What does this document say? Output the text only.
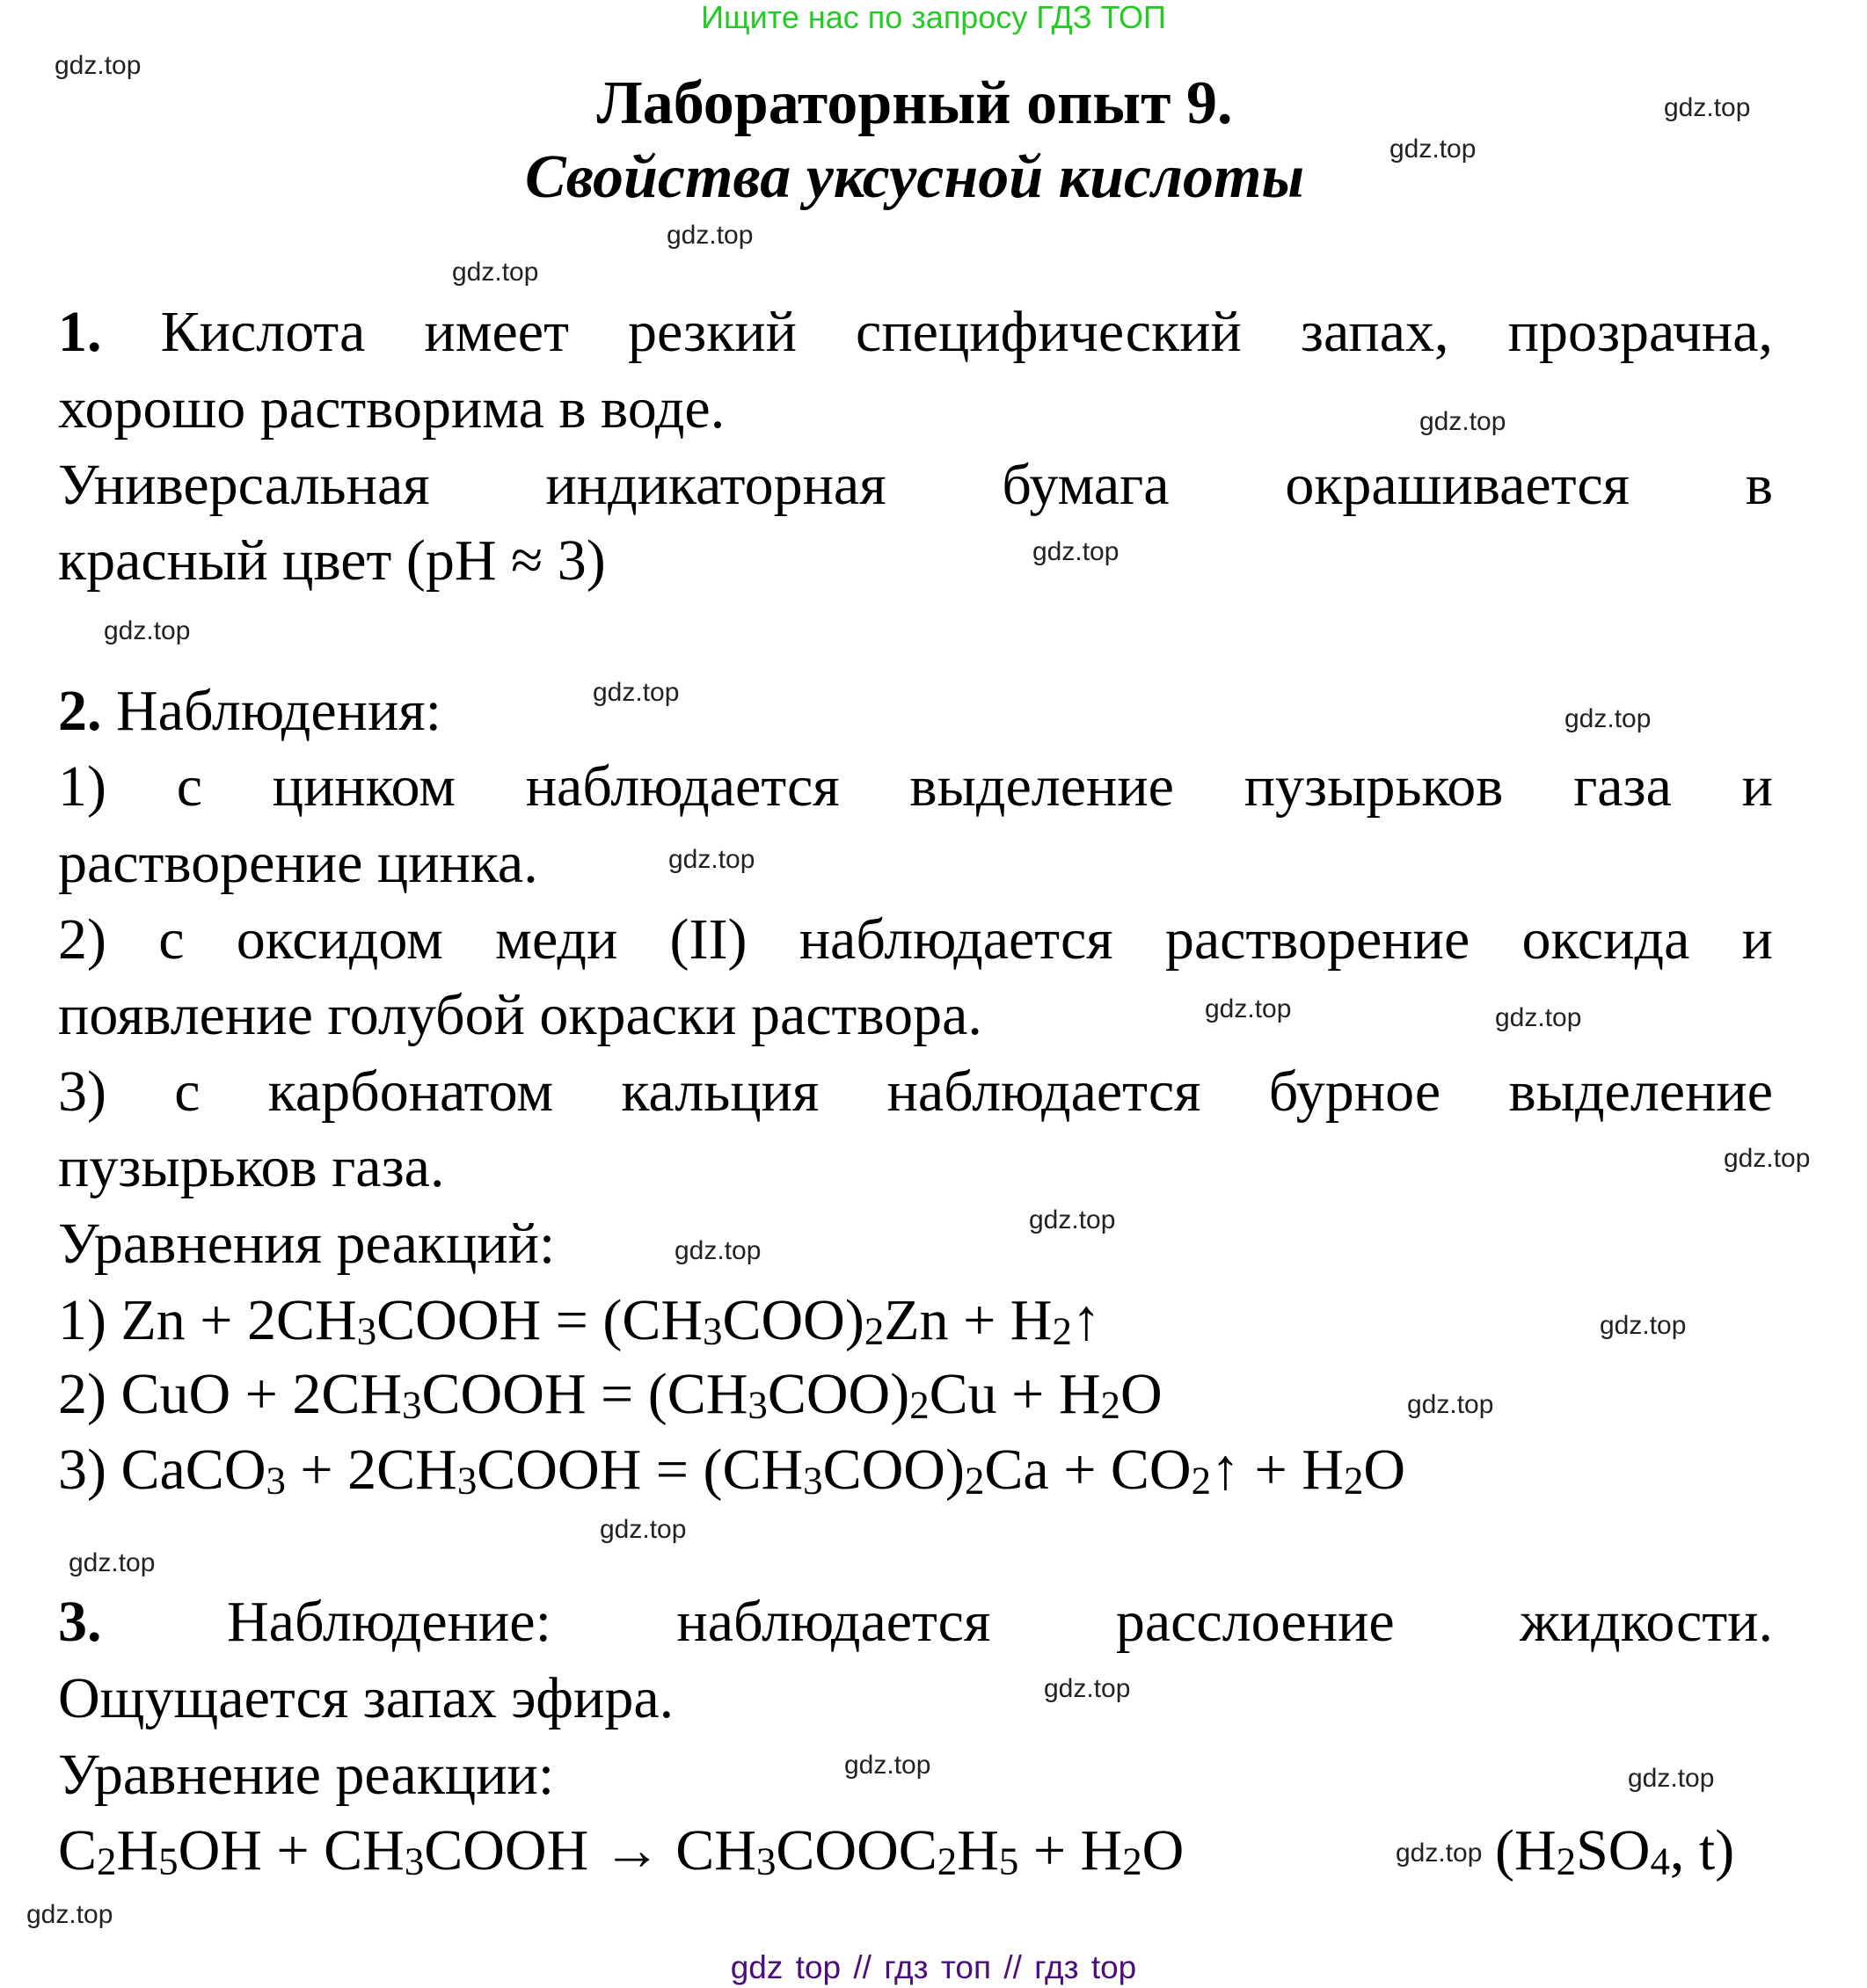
Ищите нас по запросу ГДЗ ТОП
Лабораторный опыт 9.
Свойства уксусной кислоты
1. Кислота имеет резкий специфический запах, прозрачна,
хорошо растворима в воде.
Универсальная индикаторная бумага окрашивается в
красный цвет (pH ≈ 3)
2. Наблюдения:
1) с цинком наблюдается выделение пузырьков газа и
растворение цинка.
2) с оксидом меди (II) наблюдается растворение оксида и
появление голубой окраски раствора.
3) с карбонатом кальция наблюдается бурное выделение
пузырьков газа.
Уравнения реакций:
1) $Zn + 2CH_3COOH = (CH_3COO)_2Zn$ + $H_2↑$
2) CuO + $2CH_3COOH = (CH_3COO)_2Cu + H_2O$
3) CaCO$_3$ + $2CH_3COOH = (CH_3COO)_2Ca$ + $CO_2↑ + H_2O$
3. Наблюдение: наблюдается расслоение жидкости.
Ощущается запах эфира.
Уравнение реакции:
$C_2H_5OH$ + $CH_3COOH$ → $CH_3COOC_2H_5 + H_2O$	($H_2SO_4$, t)
gdz.top
gdz.top
gdz.top
gdz.top
gdz.top
gdz.top
gdz.top
gdz.top
gdz.top
gdz.top
gdz.top
gdz.top	gdz.top
gdz.top
gdz.top
gdz.top
gdz.top
gdz.top
gdz.top
gdz.top
gdz.top
gdz.top	gdz.top
gdz.top
gdz.top
gdz top // гдз топ // гдз top
